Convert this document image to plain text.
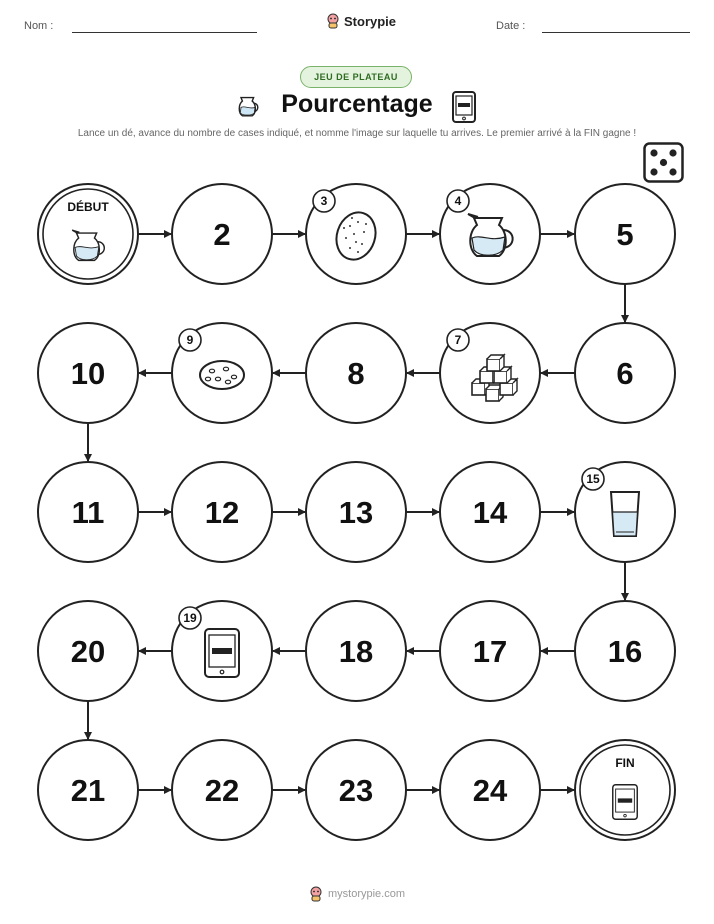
Nom :	Storypie	Date :
JEU DE PLATEAU
Pourcentage
Lance un dé, avance du nombre de cases indiqué, et nomme l'image sur laquelle tu arrives. Le premier arrivé à la FIN gagne !
DÉBUT
2
3	4
5
6
7
8
9
10
11	12	13	14
15
16
17
18
19
20
21	22	23	24
FIN
mystorypie.com
